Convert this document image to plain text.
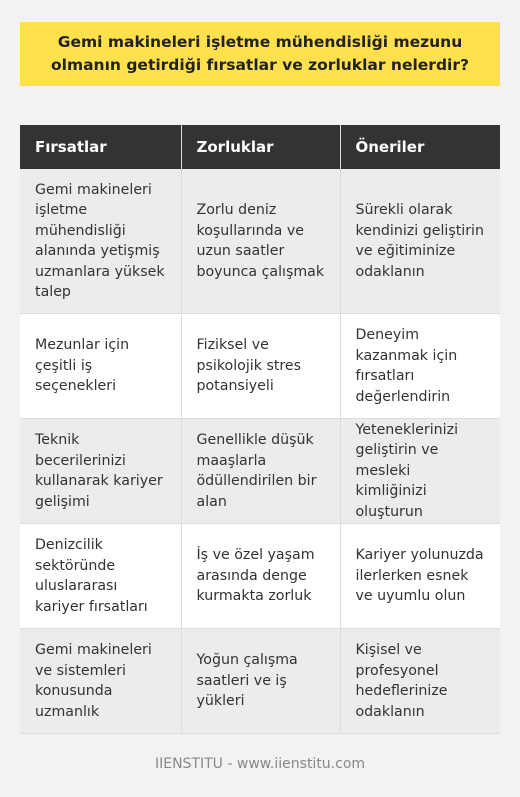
Gemi makineleri işletme mühendisliği mezunu olmanın getirdiği fırsatlar ve zorluklar nelerdir?
Fırsatlar	Zorluklar	Öneriler

Gemi makineleri işletme mühendisliği alanında yetişmiş uzmanlara yüksek talep	Zorlu deniz koşullarında ve uzun saatler boyunca çalışmak	Sürekli olarak kendinizi geliştirin ve eğitiminize odaklanın

Mezunlar için çeşitli iş seçenekleri	Fiziksel ve psikolojik stres potansiyeli	Deneyim kazanmak için fırsatları değerlendirin

Teknik becerilerinizi kullanarak kariyer gelişimi	Genellikle düşük maaşlarla ödüllendirilen bir alan	Yeteneklerinizi geliştirin ve mesleki kimliğinizi oluşturun

Denizcilik sektöründe uluslararası kariyer fırsatları	İş ve özel yaşam arasında denge kurmakta zorluk	Kariyer yolunuzda ilerlerken esnek ve uyumlu olun

Gemi makineleri ve sistemleri konusunda uzmanlık	Yoğun çalışma saatleri ve iş yükleri	Kişisel ve profesyonel hedeflerinize odaklanın
IIENSTITU - www.iienstitu.com
